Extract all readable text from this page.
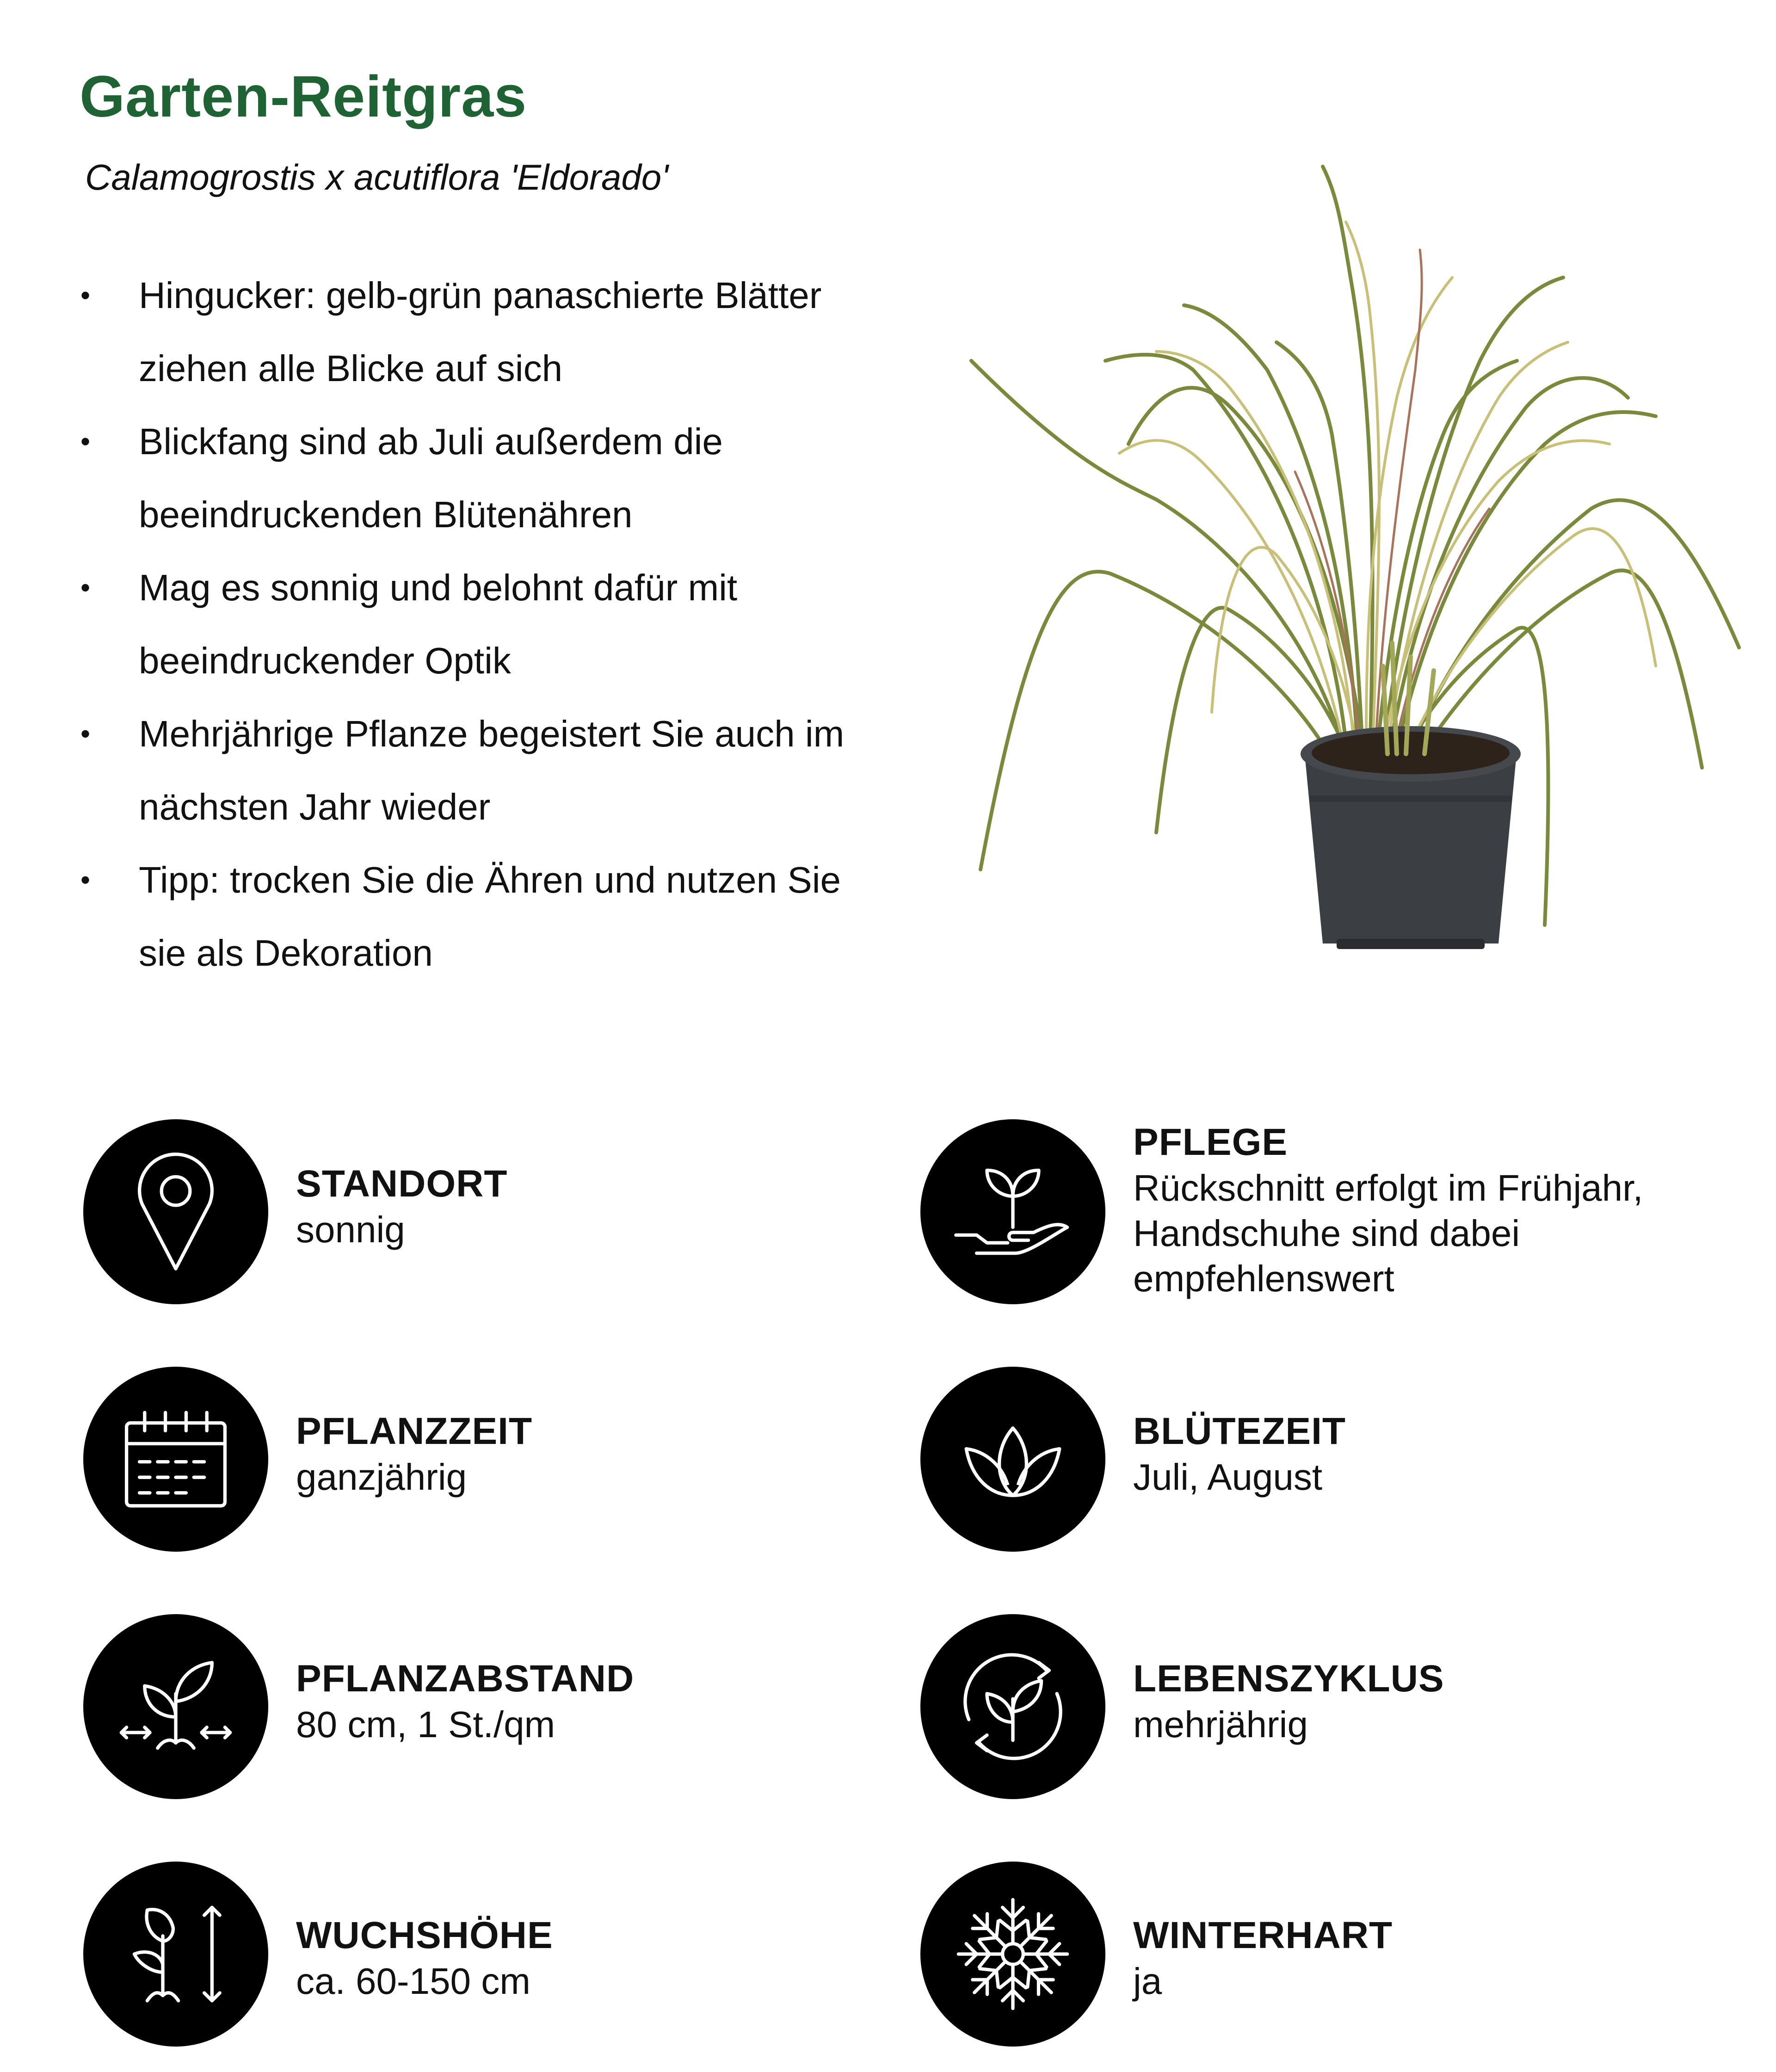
Garten-Reitgras

Calamogrostis x acutiflora 'Eldorado'

• Hingucker: gelb-grün panaschierte Blätter
ziehen alle Blicke auf sich
• Blickfang sind ab Juli außerdem die
beeindruckenden Blütenähren
• Mag es sonnig und belohnt dafür mit
beeindruckender Optik
• Mehrjährige Pflanze begeistert Sie auch im
nächsten Jahr wieder
• Tipp: trocken Sie die Ähren und nutzen Sie
sie als Dekoration
STANDORT
sonnig
PFLEGE
Rückschnitt erfolgt im Frühjahr,
Handschuhe sind dabei
empfehlenswert
PFLANZZEIT
ganzjährig
BLÜTEZEIT
Juli, August
PFLANZABSTAND
80 cm, 1 St./qm
LEBENSZYKLUS
mehrjährig
WUCHSHÖHE
ca. 60-150 cm
WINTERHART
ja
